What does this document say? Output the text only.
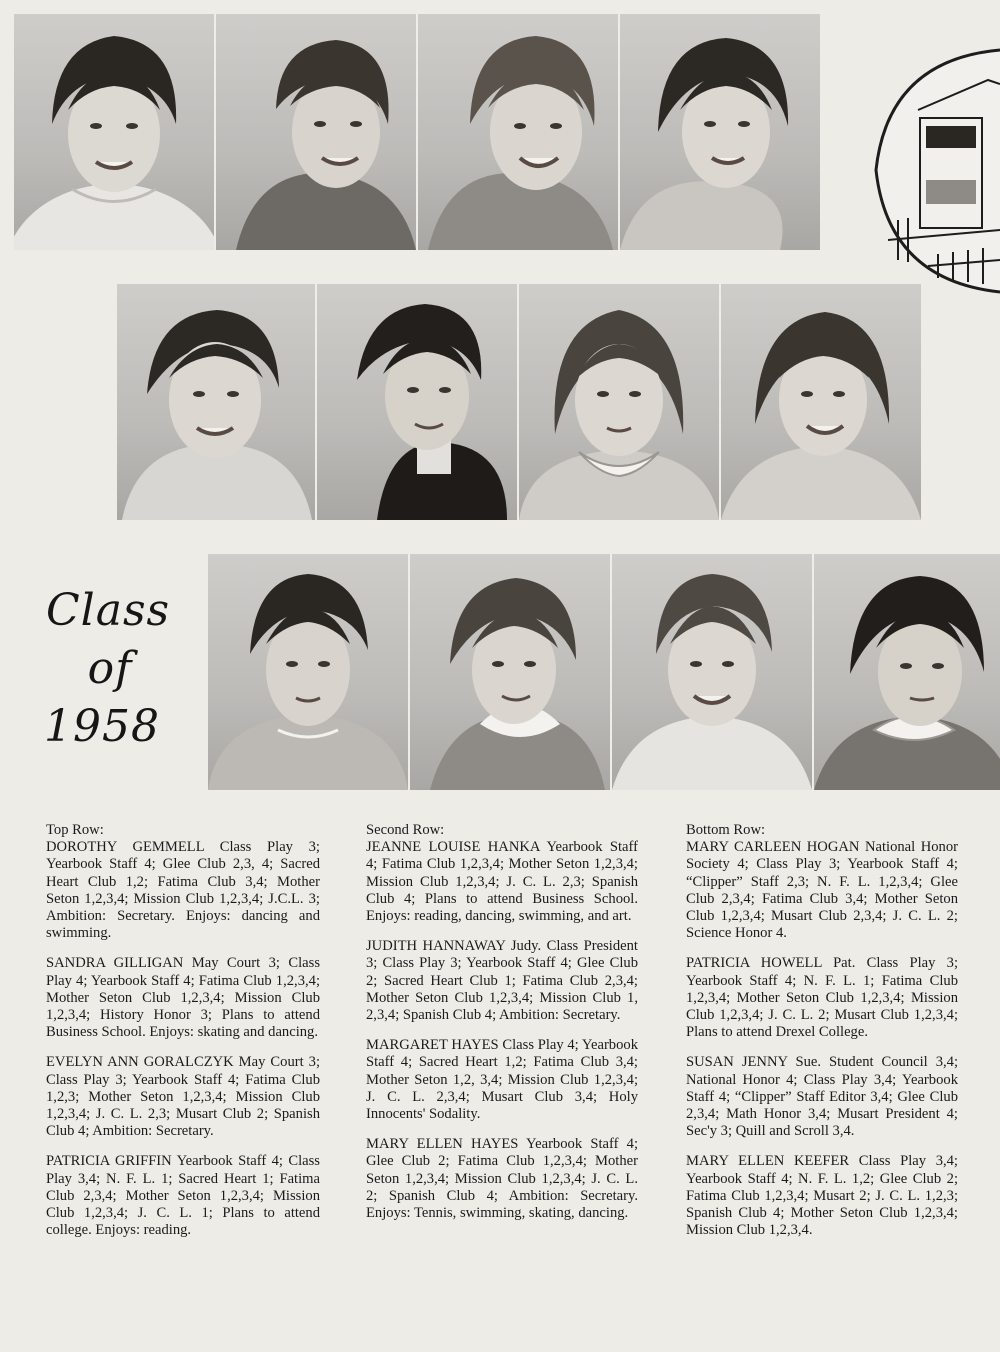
Class
of
1958
Top Row:

DOROTHY GEMMELL Class Play 3; Yearbook Staff 4; Glee Club 2,3, 4; Sacred Heart Club 1,2; Fatima Club 3,4; Mother Seton 1,2,3,4; Mission Club 1,2,3,4; J.C.L. 3; Ambition: Secretary. Enjoys: dancing and swimming.

SANDRA GILLIGAN May Court 3; Class Play 4; Yearbook Staff 4; Fatima Club 1,2,3,4; Mother Seton Club 1,2,3,4; Mission Club 1,2,3,4; History Honor 3; Plans to attend Business School. Enjoys: skating and dancing.

EVELYN ANN GORALCZYK May Court 3; Class Play 3; Yearbook Staff 4; Fatima Club 1,2,3; Mother Seton 1,2,3,4; Mission Club 1,2,3,4; J. C. L. 2,3; Musart Club 2; Spanish Club 4; Ambition: Secretary.

PATRICIA GRIFFIN Yearbook Staff 4; Class Play 3,4; N. F. L. 1; Sacred Heart 1; Fatima Club 2,3,4; Mother Seton 1,2,3,4; Mission Club 1,2,3,4; J. C. L. 1; Plans to attend college. Enjoys: reading.

Second Row:

JEANNE LOUISE HANKA Yearbook Staff 4; Fatima Club 1,2,3,4; Mother Seton 1,2,3,4; Mission Club 1,2,3,4; J. C. L. 2,3; Spanish Club 4; Plans to attend Business School. Enjoys: reading, dancing, swimming, and art.

JUDITH HANNAWAY Judy. Class President 3; Class Play 3; Yearbook Staff 4; Glee Club 2; Sacred Heart Club 1; Fatima Club 2,3,4; Mother Seton Club 1,2,3,4; Mission Club 1, 2,3,4; Spanish Club 4; Ambition: Secretary.

MARGARET HAYES Class Play 4; Yearbook Staff 4; Sacred Heart 1,2; Fatima Club 3,4; Mother Seton 1,2, 3,4; Mission Club 1,2,3,4; J. C. L. 2,3,4; Musart Club 3,4; Holy Innocents' Sodality.

MARY ELLEN HAYES Yearbook Staff 4; Glee Club 2; Fatima Club 1,2,3,4; Mother Seton 1,2,3,4; Mission Club 1,2,3,4; J. C. L. 2; Spanish Club 4; Ambition: Secretary. Enjoys: Tennis, swimming, skating, dancing.

Bottom Row:

MARY CARLEEN HOGAN National Honor Society 4; Class Play 3; Yearbook Staff 4; “Clipper” Staff 2,3; N. F. L. 1,2,3,4; Glee Club 2,3,4; Fatima Club 3,4; Mother Seton Club 1,2,3,4; Musart Club 2,3,4; J. C. L. 2; Science Honor 4.

PATRICIA HOWELL Pat. Class Play 3; Yearbook Staff 4; N. F. L. 1; Fatima Club 1,2,3,4; Mother Seton Club 1,2,3,4; Mission Club 1,2,3,4; J. C. L. 2; Musart Club 1,2,3,4; Plans to attend Drexel College.

SUSAN JENNY Sue. Student Council 3,4; National Honor 4; Class Play 3,4; Yearbook Staff 4; “Clipper” Staff Editor 3,4; Glee Club 2,3,4; Math Honor 3,4; Musart President 4; Sec'y 3; Quill and Scroll 3,4.

MARY ELLEN KEEFER Class Play 3,4; Yearbook Staff 4; N. F. L. 1,2; Glee Club 2; Fatima Club 1,2,3,4; Musart 2; J. C. L. 1,2,3; Spanish Club 4; Mother Seton Club 1,2,3,4; Mission Club 1,2,3,4.
